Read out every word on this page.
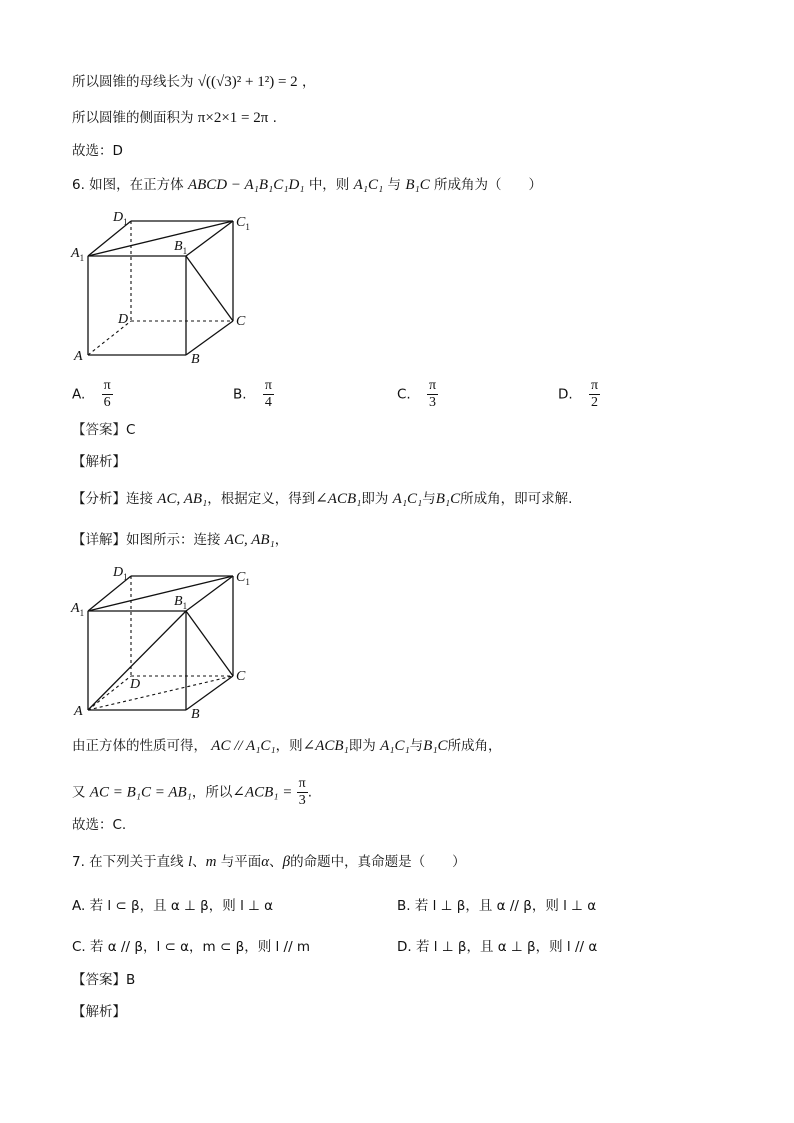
所以圆锥的母线长为 √((√3)² + 1²) = 2 ，
所以圆锥的侧面积为 π×2×1 = 2π .
故选：D
6. 如图，在正方体 ABCD − A₁B₁C₁D₁ 中，则 A₁C₁ 与 B₁C 所成角为（　　）
$D_1$	$C_1$
$A_1$
$B_1$
D	C
A	B
A. $\frac{\pi}{6}$	B. $\frac{\pi}{4}$	C. $\frac{\pi}{3}$	D. $\frac{\pi}{2}$
【答案】C
【解析】
【分析】连接 AC, AB₁，根据定义，得到∠ACB₁即为 A₁C₁与B₁C所成角，即可求解.
【详解】如图所示：连接 AC, AB₁，
$D_1$	$C_1$
$A_1$
$B_1$
D
C
A	B
由正方体的性质可得， AC // A₁C₁，则∠ACB₁即为 A₁C₁与B₁C所成角，
又 AC = B₁C = AB₁，所以∠ACB₁ = $\frac{\pi}{3}$ .
故选：C.
7. 在下列关于直线 l、m 与平面α、β的命题中，真命题是（　　）
A. 若 l ⊂ β，且 α ⊥ β，则 l ⊥ α	B. 若 l ⊥ β，且 α // β，则 l ⊥ α
C. 若 α // β，l ⊂ α，m ⊂ β，则 l // m	D. 若 l ⊥ β，且 α ⊥ β，则 l // α
【答案】B
【解析】
